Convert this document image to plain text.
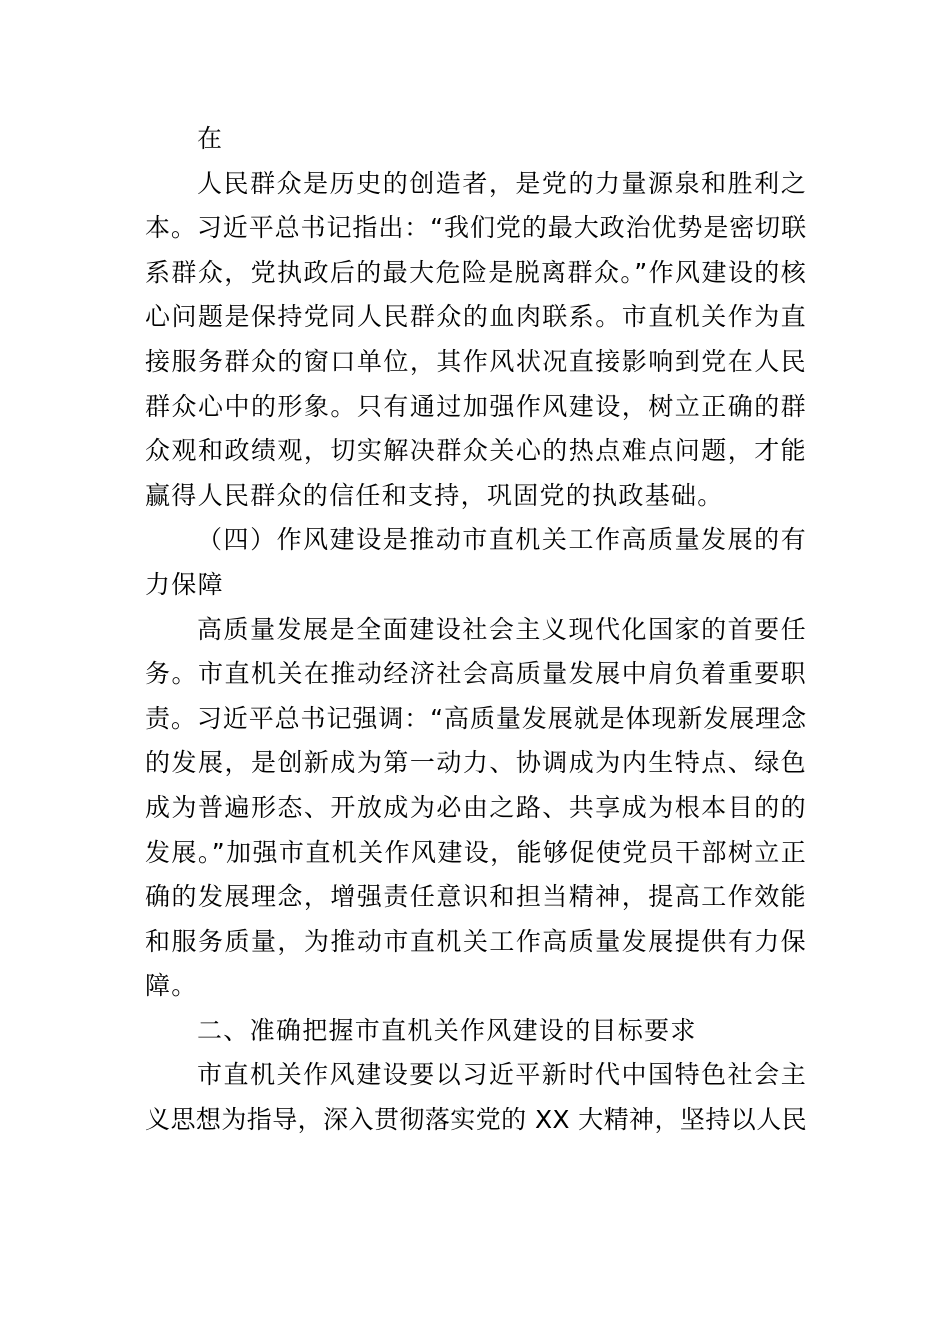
在
人民群众是历史的创造者，是党的力量源泉和胜利之
本。习近平总书记指出：“我们党的最大政治优势是密切联
系群众，党执政后的最大危险是脱离群众。”作风建设的核
心问题是保持党同人民群众的血肉联系。市直机关作为直
接服务群众的窗口单位，其作风状况直接影响到党在人民
群众心中的形象。只有通过加强作风建设，树立正确的群
众观和政绩观，切实解决群众关心的热点难点问题，才能
赢得人民群众的信任和支持，巩固党的执政基础。
（四）作风建设是推动市直机关工作高质量发展的有
力保障
高质量发展是全面建设社会主义现代化国家的首要任
务。市直机关在推动经济社会高质量发展中肩负着重要职
责。习近平总书记强调：“高质量发展就是体现新发展理念
的发展，是创新成为第一动力、协调成为内生特点、绿色
成为普遍形态、开放成为必由之路、共享成为根本目的的
发展。”加强市直机关作风建设，能够促使党员干部树立正
确的发展理念，增强责任意识和担当精神，提高工作效能
和服务质量，为推动市直机关工作高质量发展提供有力保
障。
二、准确把握市直机关作风建设的目标要求
市直机关作风建设要以习近平新时代中国特色社会主
义思想为指导，深入贯彻落实党的 XX 大精神，坚持以人民
